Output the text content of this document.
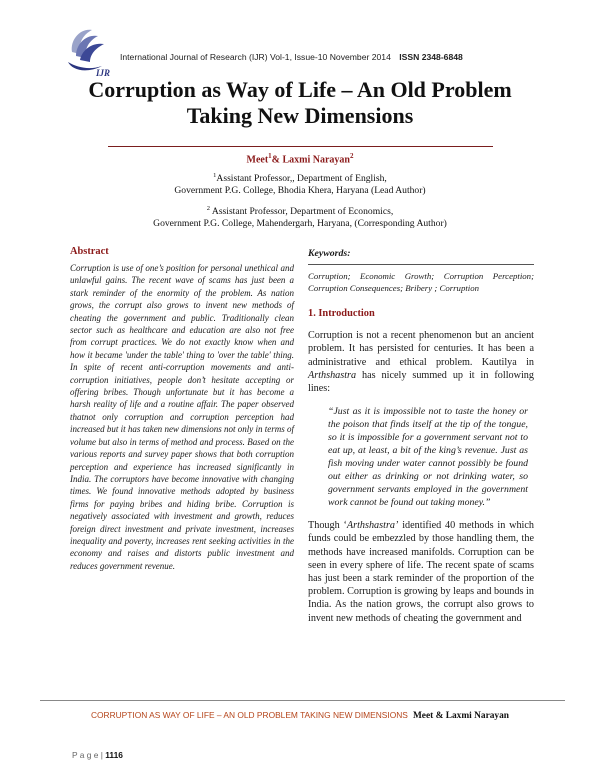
IJR
International Journal of Research (IJR) Vol-1, Issue-10 November 2014 ISSN 2348-6848
Corruption as Way of Life – An Old Problem
Taking New Dimensions
Meet$^1$& Laxmi Narayan$^2$
$^1$Assistant Professor,, Department of English,
Government P.G. College, Bhodia Khera, Haryana (Lead Author)
$^2$ Assistant Professor, Department of Economics,
Government P.G. College, Mahendergarh, Haryana, (Corresponding Author)
Abstract

Corruption is use of one’s position for personal unethical and unlawful gains. The recent wave of scams has just been a stark reminder of the enormity of the problem. As nation grows, the corrupt also grows to invent new methods of cheating the government and public. Traditionally clean sector such as healthcare and education are also not free from corrupt practices. We do not exactly know when and how it became 'under the table' thing to 'over the table' thing. In spite of recent anti-corruption movements and anti-corruption initiatives, people don’t hesitate accepting or offering bribes. Though unfortunate but it has become a harsh reality of life and a routine affair. The paper observed thatnot only corruption and corruption perception had increased but it has taken new dimensions not only in terms of volume but also in terms of method and process. Based on the various reports and survey paper shows that both corruption perception and experience has increased significantly in India. The corruptors have become innovative with changing times. We found innovative methods adopted by business firms for paying bribes and hiding bribe. Corruption is negatively associated with investment and growth, reduces foreign direct investment and private investment, increases inequality and poverty, increases rent seeking activities in the economy and raises and distorts public investment and reduces government revenue.

Keywords:

Corruption; Economic Growth; Corruption Perception; Corruption Consequences; Bribery ; Corruption

1. Introduction

Corruption is not a recent phenomenon but an ancient problem. It has persisted for centuries. It has been a administrative and ethical problem. Kautilya in Arthshastra has nicely summed up it in following lines:

“Just as it is impossible not to taste the honey or the poison that finds itself at the tip of the tongue, so it is impossible for a government servant not to eat up, at least, a bit of the king’s revenue. Just as fish moving under water cannot possibly be found out either as drinking or not drinking water, so government servants employed in the government work cannot be found out taking money.”

Though ‘Arthshastra’ identified 40 methods in which funds could be embezzled by those handling them, the methods have increased manifolds. Corruption can be seen in every sphere of life. The recent spate of scams has just been a stark reminder of the proportion of the problem. Corruption is growing by leaps and bounds in India. As the nation grows, the corrupt also grows to invent new methods of cheating the government and

CORRUPTION AS WAY OF LIFE – AN OLD PROBLEM TAKING NEW DIMENSIONS Meet & Laxmi Narayan
P a g e | 1116
